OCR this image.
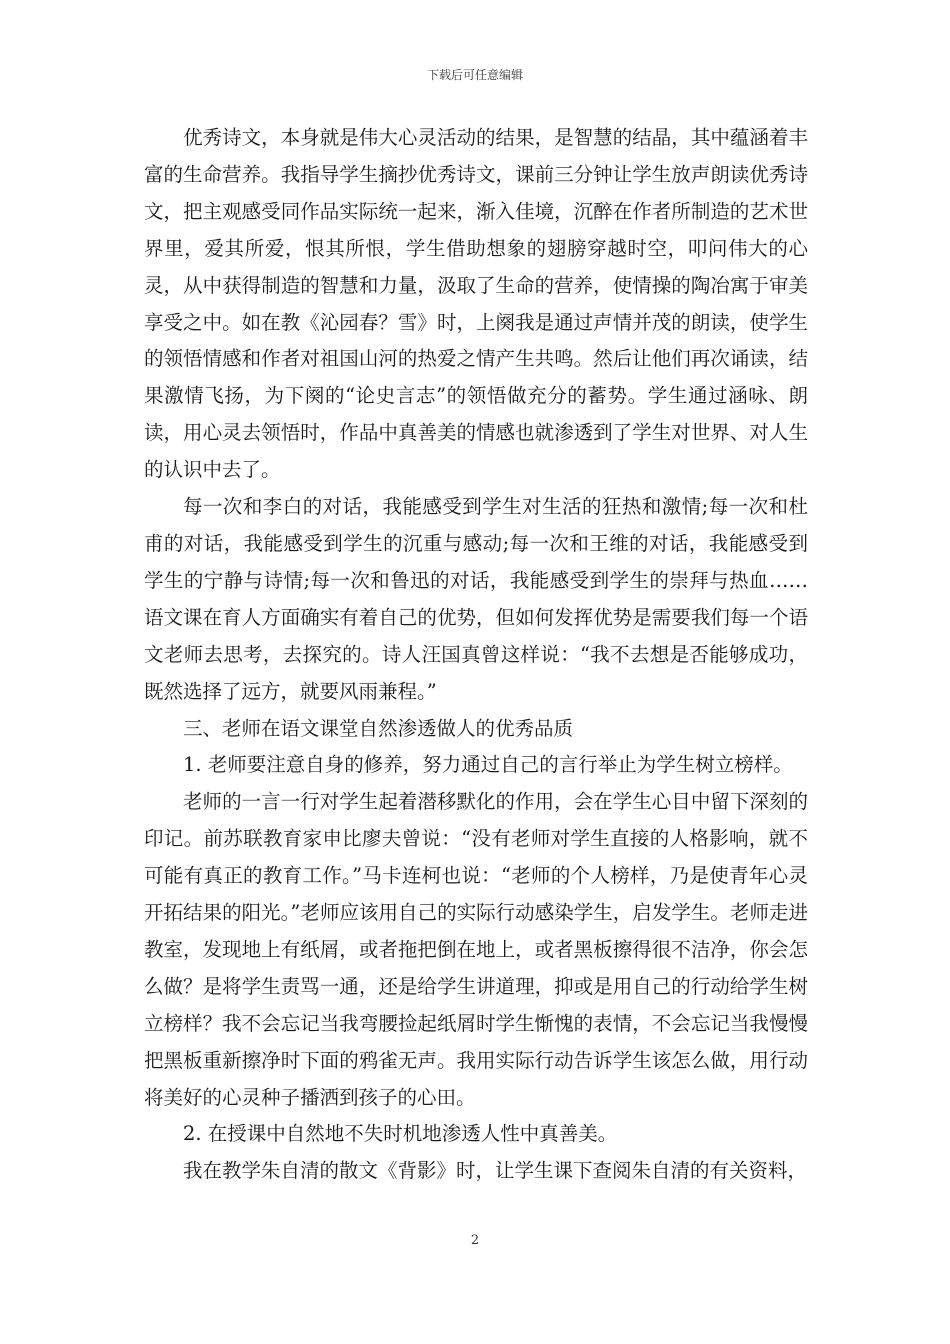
下载后可任意编辑

优秀诗文，本身就是伟大心灵活动的结果，是智慧的结晶，其中蕴涵着丰富的生命营养。我指导学生摘抄优秀诗文，课前三分钟让学生放声朗读优秀诗文，把主观感受同作品实际统一起来，渐入佳境，沉醉在作者所制造的艺术世界里，爱其所爱，恨其所恨，学生借助想象的翅膀穿越时空，叩问伟大的心灵，从中获得制造的智慧和力量，汲取了生命的营养，使情操的陶冶寓于审美享受之中。如在教《沁园春？雪》时，上阕我是通过声情并茂的朗读，使学生的领悟情感和作者对祖国山河的热爱之情产生共鸣。然后让他们再次诵读，结果激情飞扬，为下阕的“论史言志”的领悟做充分的蓄势。学生通过涵咏、朗读，用心灵去领悟时，作品中真善美的情感也就渗透到了学生对世界、对人生的认识中去了。

每一次和李白的对话，我能感受到学生对生活的狂热和激情;每一次和杜甫的对话，我能感受到学生的沉重与感动;每一次和王维的对话，我能感受到学生的宁静与诗情;每一次和鲁迅的对话，我能感受到学生的崇拜与热血……语文课在育人方面确实有着自己的优势，但如何发挥优势是需要我们每一个语文老师去思考，去探究的。诗人汪国真曾这样说：“我不去想是否能够成功，既然选择了远方，就要风雨兼程。”

三、老师在语文课堂自然渗透做人的优秀品质

1. 老师要注意自身的修养，努力通过自己的言行举止为学生树立榜样。

老师的一言一行对学生起着潜移默化的作用，会在学生心目中留下深刻的印记。前苏联教育家申比廖夫曾说：“没有老师对学生直接的人格影响，就不可能有真正的教育工作。”马卡连柯也说：“老师的个人榜样，乃是使青年心灵开拓结果的阳光。”老师应该用自己的实际行动感染学生，启发学生。老师走进教室，发现地上有纸屑，或者拖把倒在地上，或者黑板擦得很不洁净，你会怎么做？是将学生责骂一通，还是给学生讲道理，抑或是用自己的行动给学生树立榜样？我不会忘记当我弯腰捡起纸屑时学生惭愧的表情，不会忘记当我慢慢把黑板重新擦净时下面的鸦雀无声。我用实际行动告诉学生该怎么做，用行动将美好的心灵种子播洒到孩子的心田。

2. 在授课中自然地不失时机地渗透人性中真善美。

我在教学朱自清的散文《背影》时，让学生课下查阅朱自清的有关资料，

2
